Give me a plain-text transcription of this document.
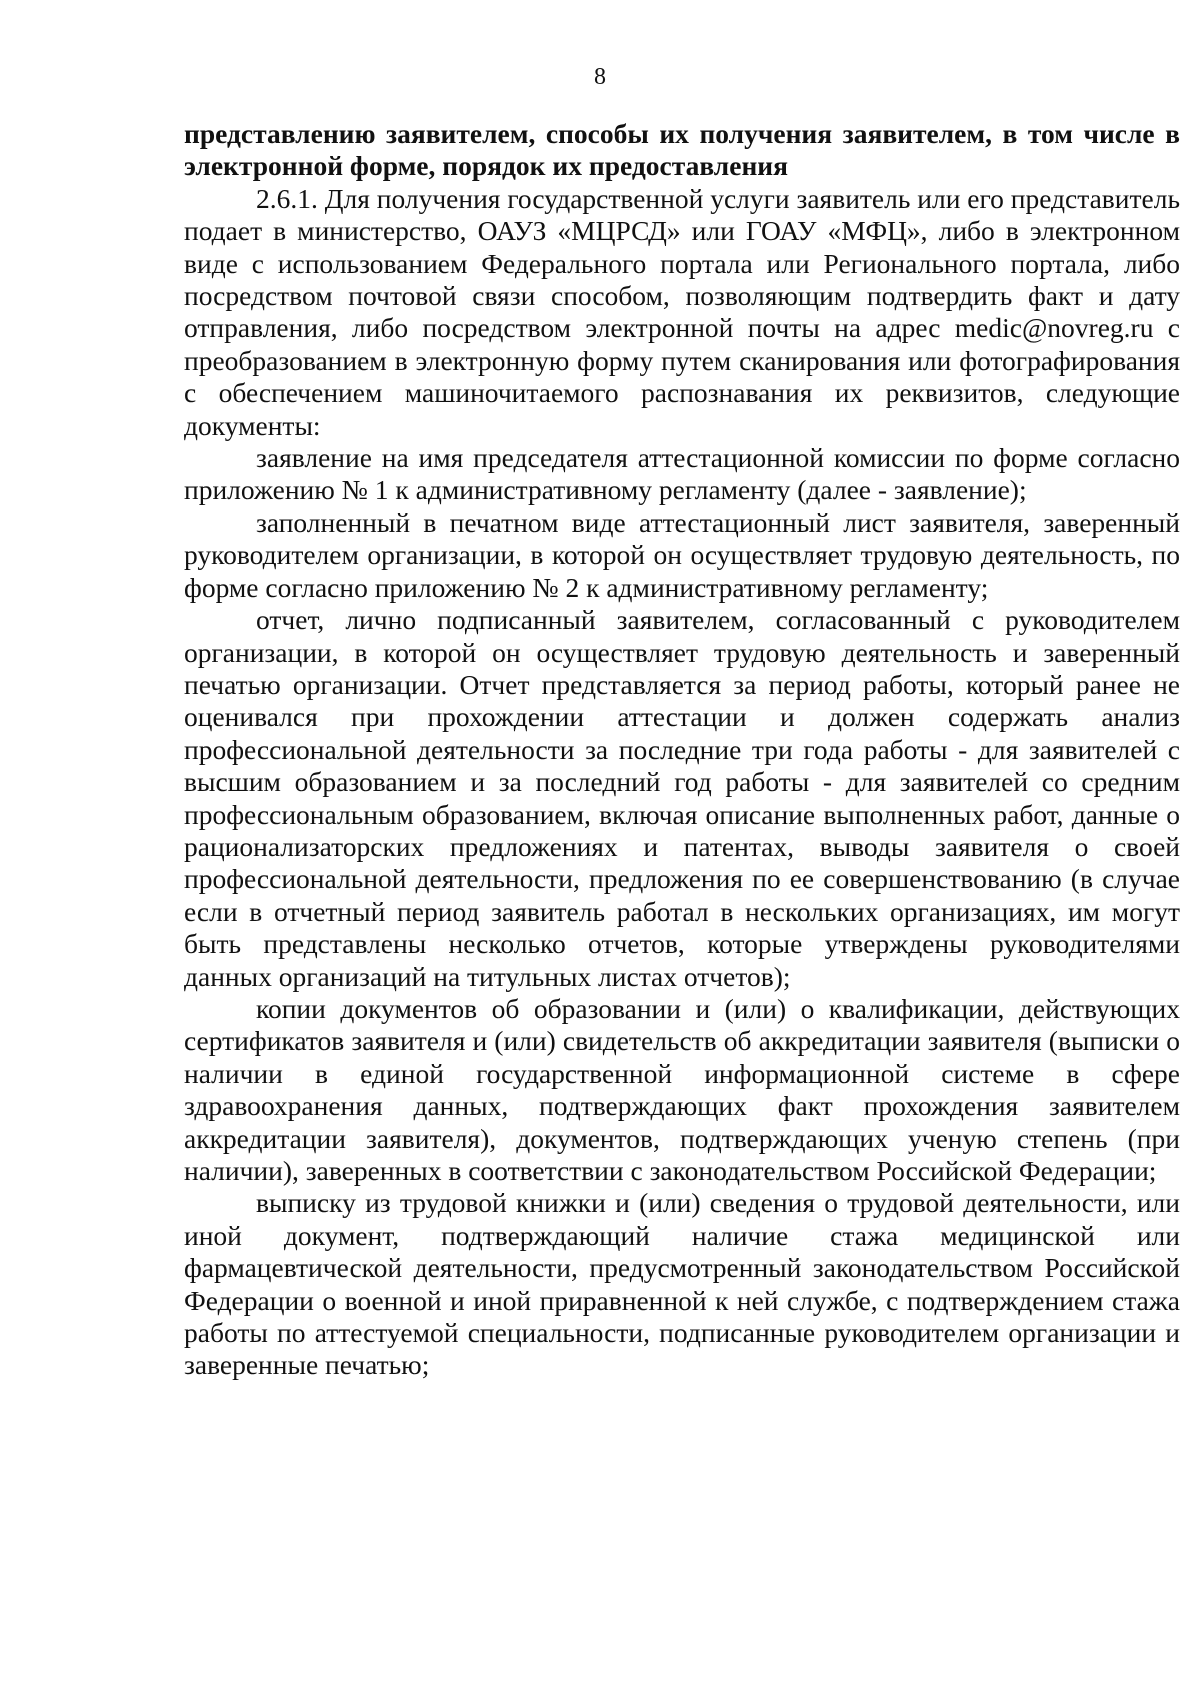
8

представлению заявителем, способы их получения заявителем, в том числе в электронной форме, порядок их предоставления

2.6.1. Для получения государственной услуги заявитель или его представитель подает в министерство, ОАУЗ «МЦРСД» или ГОАУ «МФЦ», либо в электронном виде с использованием Федерального портала или Регионального портала, либо посредством почтовой связи способом, позволяющим подтвердить факт и дату отправления, либо посредством электронной почты на адрес medic@novreg.ru с преобразованием в электронную форму путем сканирования или фотографирования с обеспечением машиночитаемого распознавания их реквизитов, следующие документы:

заявление на имя председателя аттестационной комиссии по форме согласно приложению № 1 к административному регламенту (далее - заявление);

заполненный в печатном виде аттестационный лист заявителя, заверенный руководителем организации, в которой он осуществляет трудовую деятельность, по форме согласно приложению № 2 к административному регламенту;

отчет, лично подписанный заявителем, согласованный с руководителем организации, в которой он осуществляет трудовую деятельность и заверенный печатью организации. Отчет представляется за период работы, который ранее не оценивался при прохождении аттестации и должен содержать анализ профессиональной деятельности за последние три года работы - для заявителей с высшим образованием и за последний год работы - для заявителей со средним профессиональным образованием, включая описание выполненных работ, данные о рационализаторских предложениях и патентах, выводы заявителя о своей профессиональной деятельности, предложения по ее совершенствованию (в случае если в отчетный период заявитель работал в нескольких организациях, им могут быть представлены несколько отчетов, которые утверждены руководителями данных организаций на титульных листах отчетов);

копии документов об образовании и (или) о квалификации, действующих сертификатов заявителя и (или) свидетельств об аккредитации заявителя (выписки о наличии в единой государственной информационной системе в сфере здравоохранения данных, подтверждающих факт прохождения заявителем аккредитации заявителя), документов, подтверждающих ученую степень (при наличии), заверенных в соответствии с законодательством Российской Федерации;

выписку из трудовой книжки и (или) сведения о трудовой деятельности, или иной документ, подтверждающий наличие стажа медицинской или фармацевтической деятельности, предусмотренный законодательством Российской Федерации о военной и иной приравненной к ней службе, с подтверждением стажа работы по аттестуемой специальности, подписанные руководителем организации и заверенные печатью;
